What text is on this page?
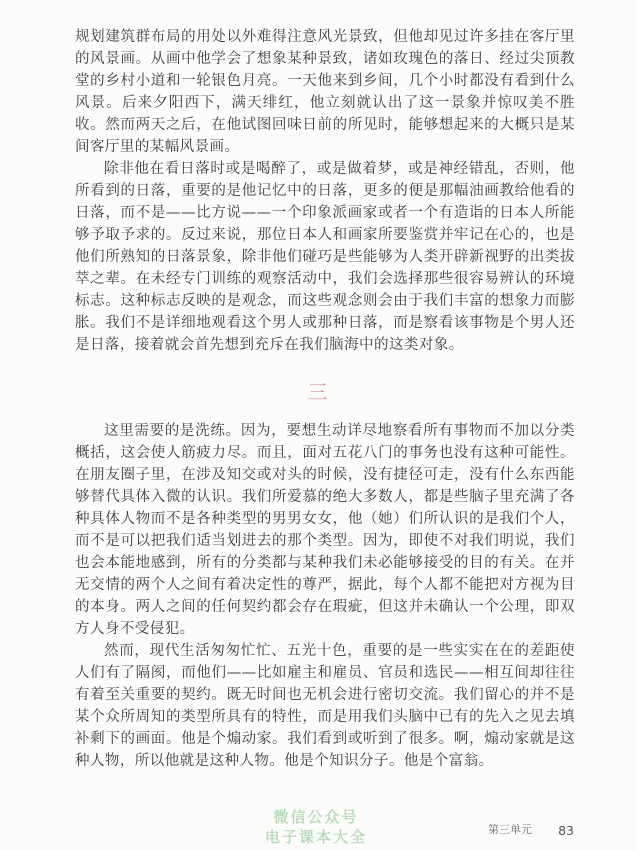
规划建筑群布局的用处以外难得注意风光景致，但他却见过许多挂在客厅里的风景画。从画中他学会了想象某种景致，诸如玫瑰色的落日、经过尖顶教堂的乡村小道和一轮银色月亮。一天他来到乡间，几个小时都没有看到什么风景。后来夕阳西下，满天绯红，他立刻就认出了这一景象并惊叹美不胜收。然而两天之后，在他试图回味日前的所见时，能够想起来的大概只是某间客厅里的某幅风景画。

除非他在看日落时或是喝醉了，或是做着梦，或是神经错乱，否则，他所看到的日落，重要的是他记忆中的日落，更多的便是那幅油画教给他看的日落，而不是——比方说——一个印象派画家或者一个有造诣的日本人所能够予取予求的。反过来说，那位日本人和画家所要鉴赏并牢记在心的，也是他们所熟知的日落景象，除非他们碰巧是些能够为人类开辟新视野的出类拔萃之辈。在未经专门训练的观察活动中，我们会选择那些很容易辨认的环境标志。这种标志反映的是观念，而这些观念则会由于我们丰富的想象力而膨胀。我们不是详细地观看这个男人或那种日落，而是察看该事物是个男人还是日落，接着就会首先想到充斥在我们脑海中的这类对象。

三

这里需要的是洗练。因为，要想生动详尽地察看所有事物而不加以分类概括，这会使人筋疲力尽。而且，面对五花八门的事务也没有这种可能性。在朋友圈子里，在涉及知交或对头的时候，没有捷径可走，没有什么东西能够替代具体入微的认识。我们所爱慕的绝大多数人，都是些脑子里充满了各种具体人物而不是各种类型的男男女女，他（她）们所认识的是我们个人，而不是可以把我们适当划进去的那个类型。因为，即使不对我们明说，我们也会本能地感到，所有的分类都与某种我们未必能够接受的目的有关。在并无交情的两个人之间有着决定性的尊严，据此，每个人都不能把对方视为目的本身。两人之间的任何契约都会存在瑕疵，但这并未确认一个公理，即双方人身不受侵犯。

然而，现代生活匆匆忙忙、五光十色，重要的是一些实实在在的差距使人们有了隔阂，而他们——比如雇主和雇员、官员和选民——相互间却往往有着至关重要的契约。既无时间也无机会进行密切交流。我们留心的并不是某个众所周知的类型所具有的特性，而是用我们头脑中已有的先入之见去填补剩下的画面。他是个煽动家。我们看到或听到了很多。啊，煽动家就是这种人物，所以他就是这种人物。他是个知识分子。他是个富翁。

微信公众号
电子课本大全	第三单元 83
